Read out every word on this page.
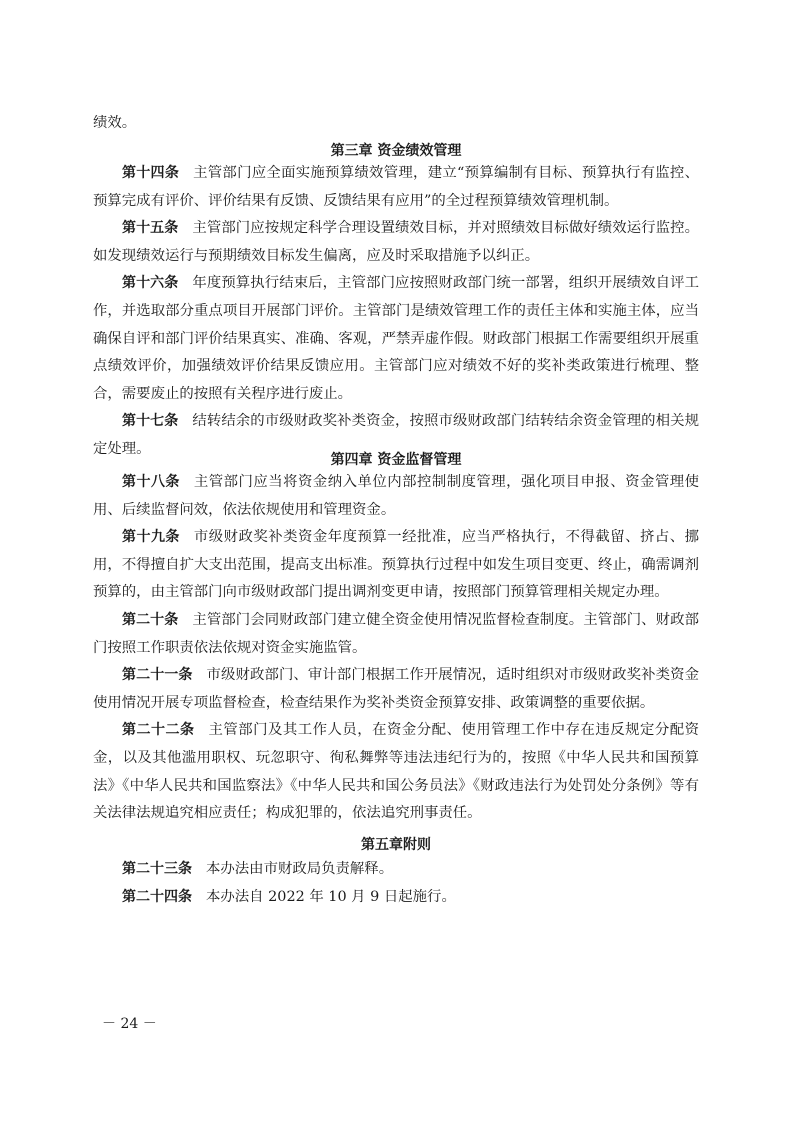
绩效。

第三章 资金绩效管理

第十四条 主管部门应全面实施预算绩效管理，建立“预算编制有目标、预算执行有监控、预算完成有评价、评价结果有反馈、反馈结果有应用”的全过程预算绩效管理机制。

第十五条 主管部门应按规定科学合理设置绩效目标，并对照绩效目标做好绩效运行监控。如发现绩效运行与预期绩效目标发生偏离，应及时采取措施予以纠正。

第十六条 年度预算执行结束后，主管部门应按照财政部门统一部署，组织开展绩效自评工作，并选取部分重点项目开展部门评价。主管部门是绩效管理工作的责任主体和实施主体，应当确保自评和部门评价结果真实、准确、客观，严禁弄虚作假。财政部门根据工作需要组织开展重点绩效评价，加强绩效评价结果反馈应用。主管部门应对绩效不好的奖补类政策进行梳理、整合，需要废止的按照有关程序进行废止。

第十七条 结转结余的市级财政奖补类资金，按照市级财政部门结转结余资金管理的相关规定处理。

第四章 资金监督管理

第十八条 主管部门应当将资金纳入单位内部控制制度管理，强化项目申报、资金管理使用、后续监督问效，依法依规使用和管理资金。

第十九条 市级财政奖补类资金年度预算一经批准，应当严格执行，不得截留、挤占、挪用，不得擅自扩大支出范围，提高支出标准。预算执行过程中如发生项目变更、终止，确需调剂预算的，由主管部门向市级财政部门提出调剂变更申请，按照部门预算管理相关规定办理。

第二十条 主管部门会同财政部门建立健全资金使用情况监督检查制度。主管部门、财政部门按照工作职责依法依规对资金实施监管。

第二十一条 市级财政部门、审计部门根据工作开展情况，适时组织对市级财政奖补类资金使用情况开展专项监督检查，检查结果作为奖补类资金预算安排、政策调整的重要依据。

第二十二条 主管部门及其工作人员，在资金分配、使用管理工作中存在违反规定分配资金，以及其他滥用职权、玩忽职守、徇私舞弊等违法违纪行为的，按照《中华人民共和国预算法》《中华人民共和国监察法》《中华人民共和国公务员法》《财政违法行为处罚处分条例》等有关法律法规追究相应责任；构成犯罪的，依法追究刑事责任。

第五章附则

第二十三条 本办法由市财政局负责解释。

第二十四条 本办法自 2022 年 10 月 9 日起施行。

－ 24 －
